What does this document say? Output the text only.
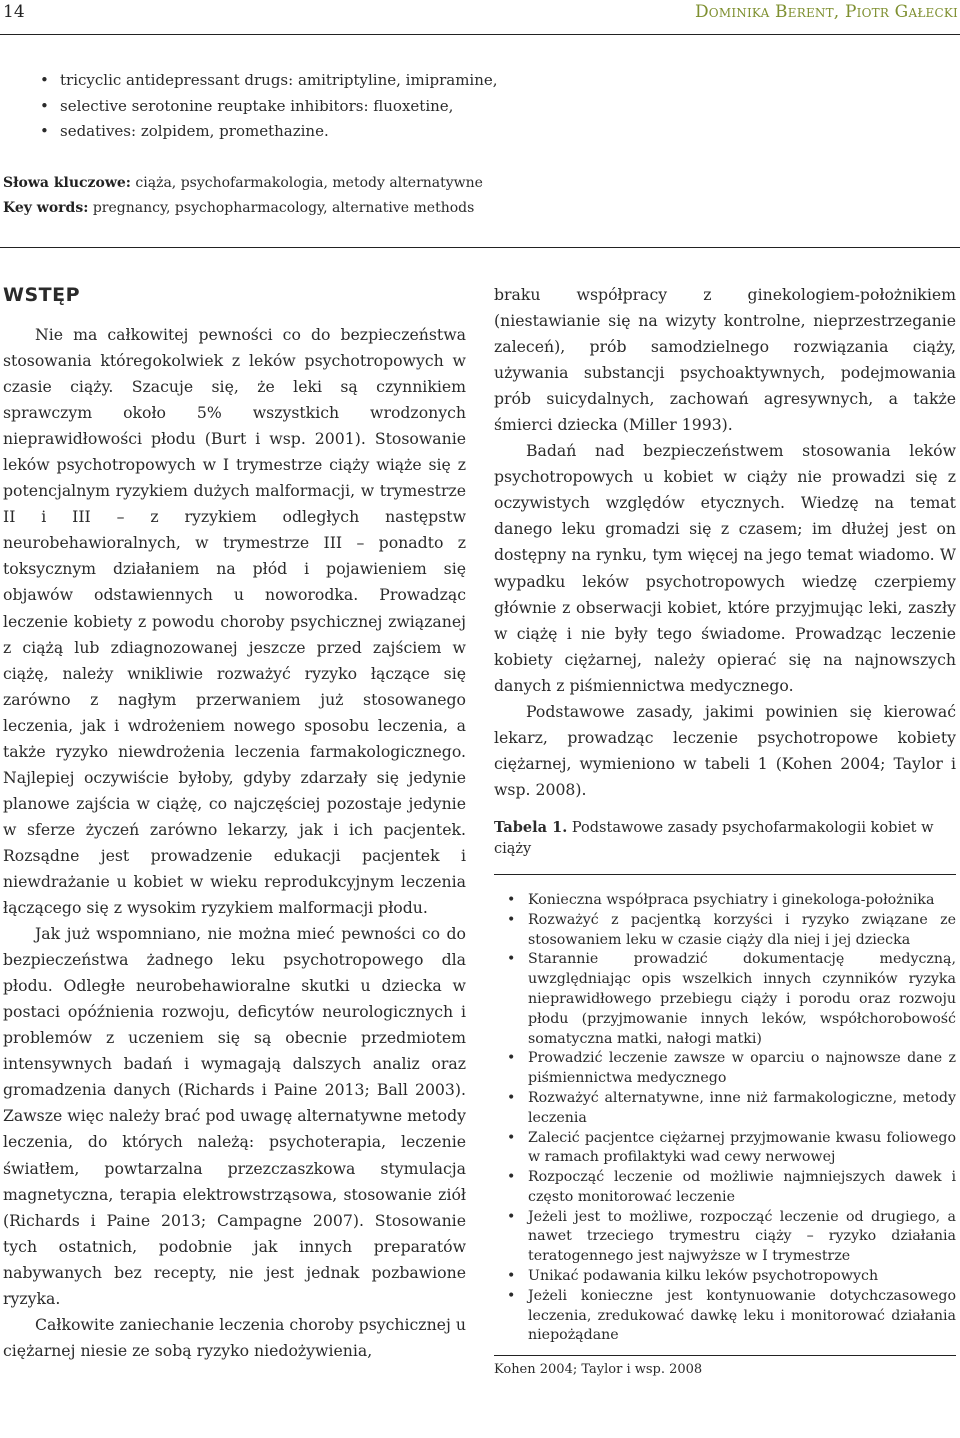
14	Dominika Berent, Piotr Gałecki
• tricyclic antidepressant drugs: amitriptyline, imipramine,
• selective serotonine reuptake inhibitors: fluoxetine,
• sedatives: zolpidem, promethazine.
Słowa kluczowe: ciąża, psychofarmakologia, metody alternatywne
Key words: pregnancy, psychopharmacology, alternative methods
WSTĘP

Nie ma całkowitej pewności co do bezpieczeństwa stosowania któregokolwiek z leków psychotropowych w czasie ciąży. Szacuje się, że leki są czynnikiem sprawczym około 5% wszystkich wrodzonych nieprawidłowości płodu (Burt i wsp. 2001). Stosowanie leków psychotropowych w I trymestrze ciąży wiąże się z potencjalnym ryzykiem dużych malformacji, w trymestrze II i III – z ryzykiem odległych następstw neurobehawioralnych, w trymestrze III – ponadto z toksycznym działaniem na płód i pojawieniem się objawów odstawiennych u noworodka. Prowadząc leczenie kobiety z powodu choroby psychicznej związanej z ciążą lub zdiagnozowanej jeszcze przed zajściem w ciążę, należy wnikliwie rozważyć ryzyko łączące się zarówno z nagłym przerwaniem już stosowanego leczenia, jak i wdrożeniem nowego sposobu leczenia, a także ryzyko niewdrożenia leczenia farmakologicznego. Najlepiej oczywiście byłoby, gdyby zdarzały się jedynie planowe zajścia w ciążę, co najczęściej pozostaje jedynie w sferze życzeń zarówno lekarzy, jak i ich pacjentek. Rozsądne jest prowadzenie edukacji pacjentek i niewdrażanie u kobiet w wieku reprodukcyjnym leczenia łączącego się z wysokim ryzykiem malformacji płodu.

Jak już wspomniano, nie można mieć pewności co do bezpieczeństwa żadnego leku psychotropowego dla płodu. Odległe neurobehawioralne skutki u dziecka w postaci opóźnienia rozwoju, deficytów neurologicznych i problemów z uczeniem się są obecnie przedmiotem intensywnych badań i wymagają dalszych analiz oraz gromadzenia danych (Richards i Paine 2013; Ball 2003). Zawsze więc należy brać pod uwagę alternatywne metody leczenia, do których należą: psychoterapia, leczenie światłem, powtarzalna przezczaszkowa stymulacja magnetyczna, terapia elektrowstrząsowa, stosowanie ziół (Richards i Paine 2013; Campagne 2007). Stosowanie tych ostatnich, podobnie jak innych preparatów nabywanych bez recepty, nie jest jednak pozbawione ryzyka.

Całkowite zaniechanie leczenia choroby psychicznej u ciężarnej niesie ze sobą ryzyko niedożywienia,

braku współpracy z ginekologiem-położnikiem (niestawianie się na wizyty kontrolne, nieprzestrzeganie zaleceń), prób samodzielnego rozwiązania ciąży, używania substancji psychoaktywnych, podejmowania prób suicydalnych, zachowań agresywnych, a także śmierci dziecka (Miller 1993).

Badań nad bezpieczeństwem stosowania leków psychotropowych u kobiet w ciąży nie prowadzi się z oczywistych względów etycznych. Wiedzę na temat danego leku gromadzi się z czasem; im dłużej jest on dostępny na rynku, tym więcej na jego temat wiadomo. W wypadku leków psychotropowych wiedzę czerpiemy głównie z obserwacji kobiet, które przyjmując leki, zaszły w ciążę i nie były tego świadome. Prowadząc leczenie kobiety ciężarnej, należy opierać się na najnowszych danych z piśmiennictwa medycznego.

Podstawowe zasady, jakimi powinien się kierować lekarz, prowadząc leczenie psychotropowe kobiety ciężarnej, wymieniono w tabeli 1 (Kohen 2004; Taylor i wsp. 2008).

Tabela 1. Podstawowe zasady psychofarmakologii kobiet w ciąży
• Konieczna współpraca psychiatry i ginekologa-położnika
• Rozważyć z pacjentką korzyści i ryzyko związane ze stosowaniem leku w czasie ciąży dla niej i jej dziecka
• Starannie prowadzić dokumentację medyczną, uwzględniając opis wszelkich innych czynników ryzyka nieprawidłowego przebiegu ciąży i porodu oraz rozwoju płodu (przyjmowanie innych leków, współchorobowość somatyczna matki, nałogi matki)
• Prowadzić leczenie zawsze w oparciu o najnowsze dane z piśmiennictwa medycznego
• Rozważyć alternatywne, inne niż farmakologiczne, metody leczenia
• Zalecić pacjentce ciężarnej przyjmowanie kwasu foliowego w ramach profilaktyki wad cewy nerwowej
• Rozpocząć leczenie od możliwie najmniejszych dawek i często monitorować leczenie
• Jeżeli jest to możliwe, rozpocząć leczenie od drugiego, a nawet trzeciego trymestru ciąży – ryzyko działania teratogennego jest najwyższe w I trymestrze
• Unikać podawania kilku leków psychotropowych
• Jeżeli konieczne jest kontynuowanie dotychczasowego leczenia, zredukować dawkę leku i monitorować działania niepożądane
Kohen 2004; Taylor i wsp. 2008
